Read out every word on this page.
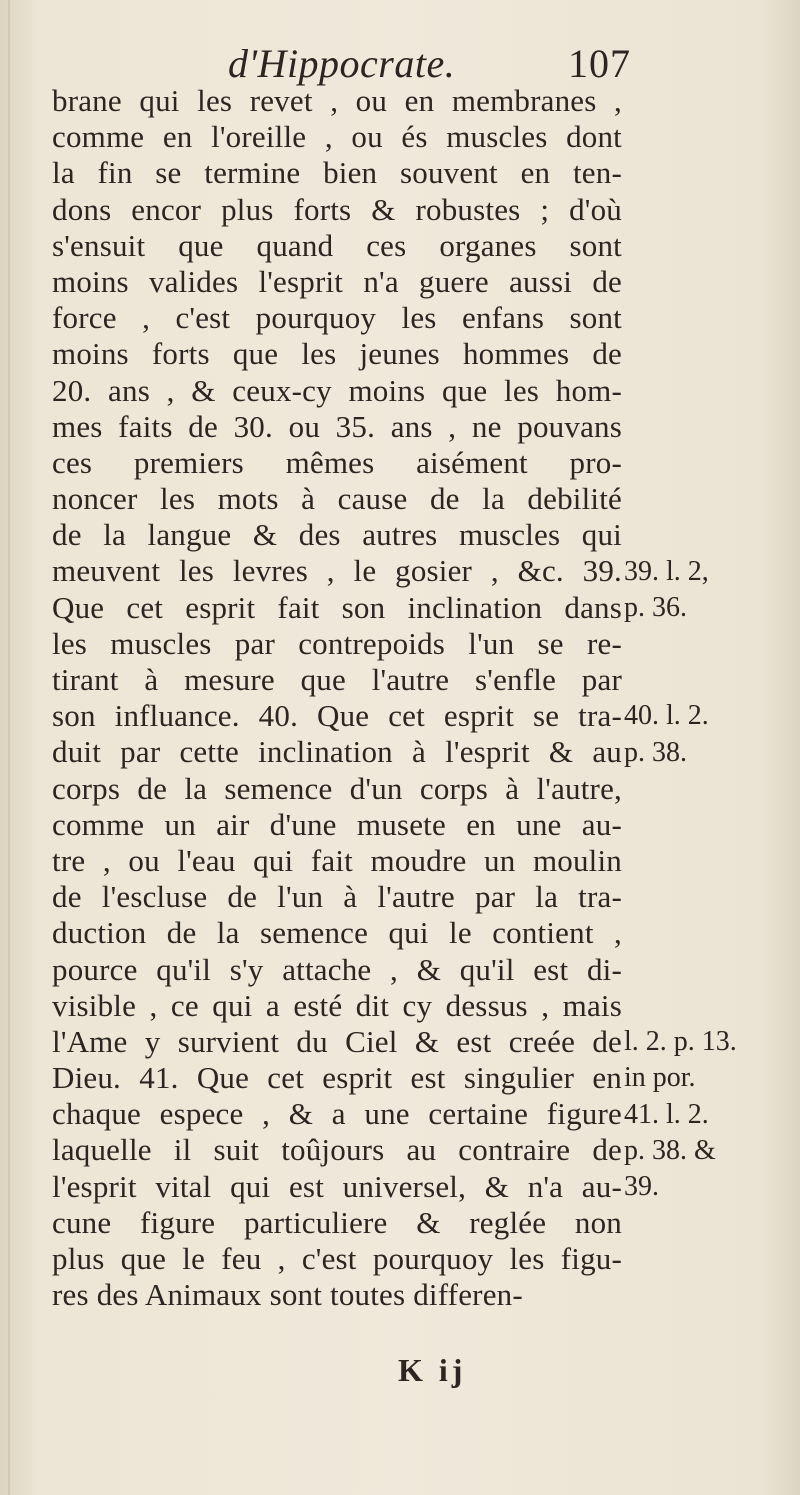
d'Hippocrate.	107
brane qui les revet , ou en membranes ,
comme en l'oreille , ou és muscles dont
la fin se termine bien souvent en ten-
dons encor plus forts & robustes ; d'où
s'ensuit que quand ces organes sont
moins valides l'esprit n'a guere aussi de
force , c'est pourquoy les enfans sont
moins forts que les jeunes hommes de
20. ans , & ceux-cy moins que les hom-
mes faits de 30. ou 35. ans , ne pouvans
ces premiers mêmes aisément pro-
noncer les mots à cause de la debilité
de la langue & des autres muscles qui
meuvent les levres , le gosier , &c. 39.
Que cet esprit fait son inclination dans
les muscles par contrepoids l'un se re-
tirant à mesure que l'autre s'enfle par
son influance. 40. Que cet esprit se tra-
duit par cette inclination à l'esprit & au
corps de la semence d'un corps à l'autre,
comme un air d'une musete en une au-
tre , ou l'eau qui fait moudre un moulin
de l'escluse de l'un à l'autre par la tra-
duction de la semence qui le contient ,
pource qu'il s'y attache , & qu'il est di-
visible , ce qui a esté dit cy dessus , mais
l'Ame y survient du Ciel & est creée de
Dieu. 41. Que cet esprit est singulier en
chaque espece , & a une certaine figure
laquelle il suit toûjours au contraire de
l'esprit vital qui est universel, & n'a au-
cune figure particuliere & reglée non
plus que le feu , c'est pourquoy les figu-
res des Animaux sont toutes differen-
39. l. 2,
p. 36.
40. l. 2.
p. 38.
l. 2. p. 13.
in por.
41. l. 2.
p. 38. &
39.
K ij
